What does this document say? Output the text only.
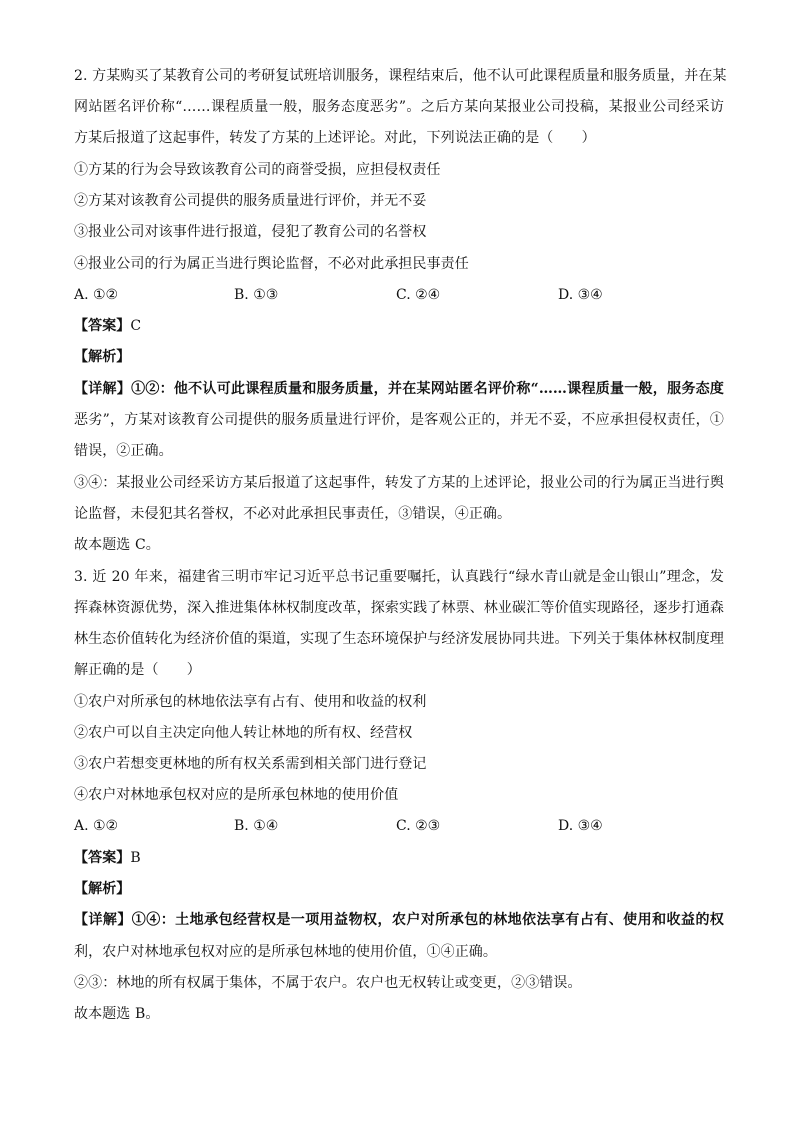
2. 方某购买了某教育公司的考研复试班培训服务，课程结束后，他不认可此课程质量和服务质量，并在某
网站匿名评价称“……课程质量一般，服务态度恶劣”。之后方某向某报业公司投稿，某报业公司经采访
方某后报道了这起事件，转发了方某的上述评论。对此，下列说法正确的是（　　）
①方某的行为会导致该教育公司的商誉受损，应担侵权责任
②方某对该教育公司提供的服务质量进行评价，并无不妥
③报业公司对该事件进行报道，侵犯了教育公司的名誉权
④报业公司的行为属正当进行舆论监督，不必对此承担民事责任
A. ①②	B. ①③	C. ②④	D. ③④
【答案】C
【解析】
【详解】①②：他不认可此课程质量和服务质量，并在某网站匿名评价称“……课程质量一般，服务态度
恶劣”，方某对该教育公司提供的服务质量进行评价，是客观公正的，并无不妥，不应承担侵权责任，①
错误，②正确。
③④：某报业公司经采访方某后报道了这起事件，转发了方某的上述评论，报业公司的行为属正当进行舆
论监督，未侵犯其名誉权，不必对此承担民事责任，③错误，④正确。
故本题选 C。
3. 近 20 年来，福建省三明市牢记习近平总书记重要嘱托，认真践行“绿水青山就是金山银山”理念，发
挥森林资源优势，深入推进集体林权制度改革，探索实践了林票、林业碳汇等价值实现路径，逐步打通森
林生态价值转化为经济价值的渠道，实现了生态环境保护与经济发展协同共进。下列关于集体林权制度理
解正确的是（　　）
①农户对所承包的林地依法享有占有、使用和收益的权利
②农户可以自主决定向他人转让林地的所有权、经营权
③农户若想变更林地的所有权关系需到相关部门进行登记
④农户对林地承包权对应的是所承包林地的使用价值
A. ①②	B. ①④	C. ②③	D. ③④
【答案】B
【解析】
【详解】①④：土地承包经营权是一项用益物权，农户对所承包的林地依法享有占有、使用和收益的权
利，农户对林地承包权对应的是所承包林地的使用价值，①④正确。
②③：林地的所有权属于集体，不属于农户。农户也无权转让或变更，②③错误。
故本题选 B。
